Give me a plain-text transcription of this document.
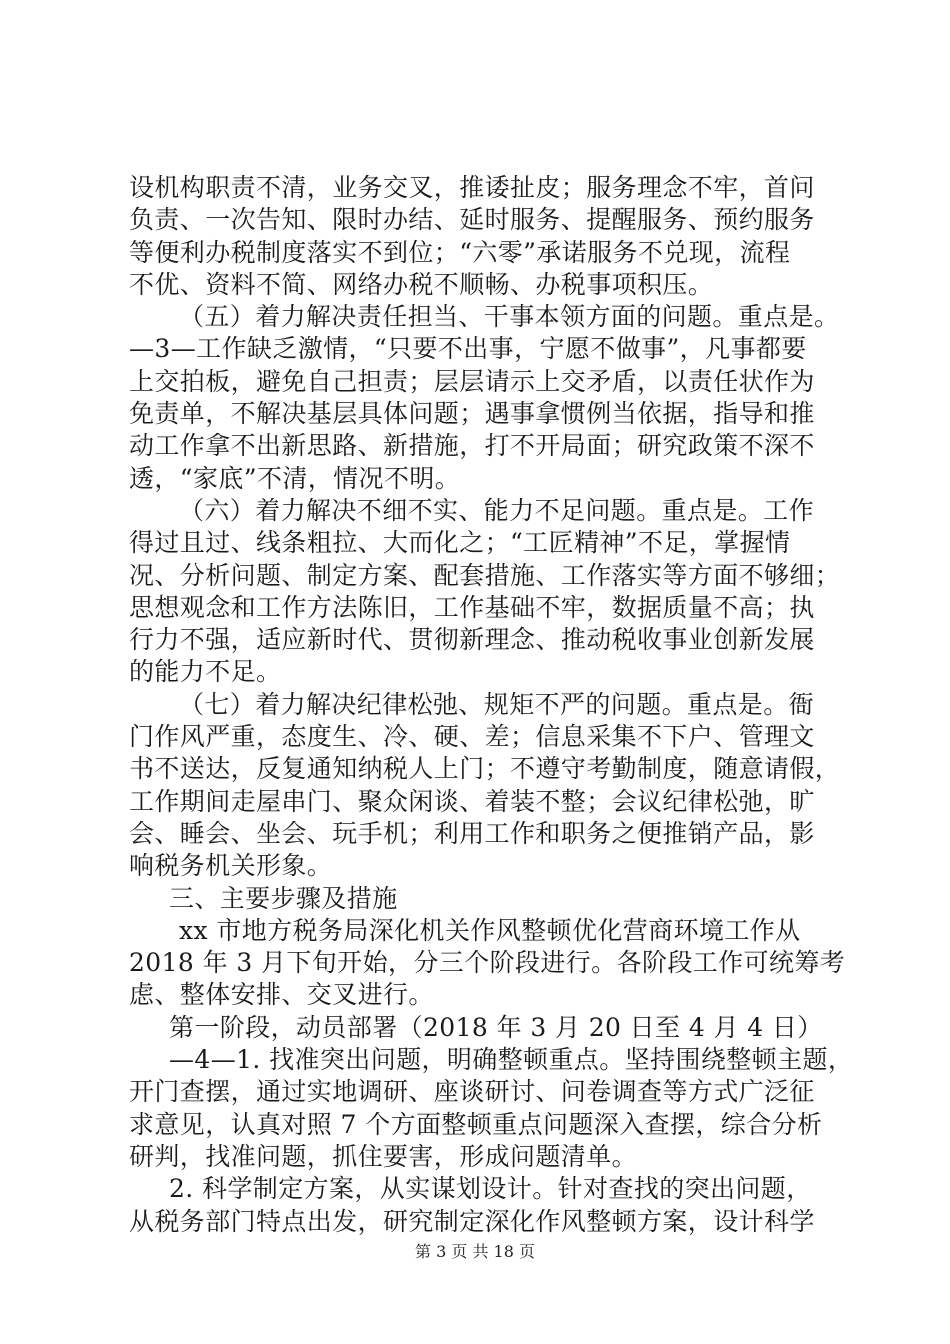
设机构职责不清，业务交叉，推诿扯皮；服务理念不牢，首问
负责、一次告知、限时办结、延时服务、提醒服务、预约服务
等便利办税制度落实不到位；“六零”承诺服务不兑现，流程
不优、资料不简、网络办税不顺畅、办税事项积压。
（五）着力解决责任担当、干事本领方面的问题。重点是。
—3—工作缺乏激情，“只要不出事，宁愿不做事”，凡事都要
上交拍板，避免自己担责；层层请示上交矛盾，以责任状作为
免责单，不解决基层具体问题；遇事拿惯例当依据，指导和推
动工作拿不出新思路、新措施，打不开局面；研究政策不深不
透，“家底”不清，情况不明。
（六）着力解决不细不实、能力不足问题。重点是。工作
得过且过、线条粗拉、大而化之；“工匠精神”不足，掌握情
况、分析问题、制定方案、配套措施、工作落实等方面不够细；
思想观念和工作方法陈旧，工作基础不牢，数据质量不高；执
行力不强，适应新时代、贯彻新理念、推动税收事业创新发展
的能力不足。
（七）着力解决纪律松弛、规矩不严的问题。重点是。衙
门作风严重，态度生、冷、硬、差；信息采集不下户、管理文
书不送达，反复通知纳税人上门；不遵守考勤制度，随意请假，
工作期间走屋串门、聚众闲谈、着装不整；会议纪律松弛，旷
会、睡会、坐会、玩手机；利用工作和职务之便推销产品，影
响税务机关形象。
三、主要步骤及措施
xx 市地方税务局深化机关作风整顿优化营商环境工作从
2018 年 3 月下旬开始，分三个阶段进行。各阶段工作可统筹考
虑、整体安排、交叉进行。
第一阶段，动员部署（2018 年 3 月 20 日至 4 月 4 日）
—4—1. 找准突出问题，明确整顿重点。坚持围绕整顿主题，
开门查摆，通过实地调研、座谈研讨、问卷调查等方式广泛征
求意见，认真对照 7 个方面整顿重点问题深入查摆，综合分析
研判，找准问题，抓住要害，形成问题清单。
2. 科学制定方案，从实谋划设计。针对查找的突出问题，
从税务部门特点出发，研究制定深化作风整顿方案，设计科学
第 3 页 共 18 页
